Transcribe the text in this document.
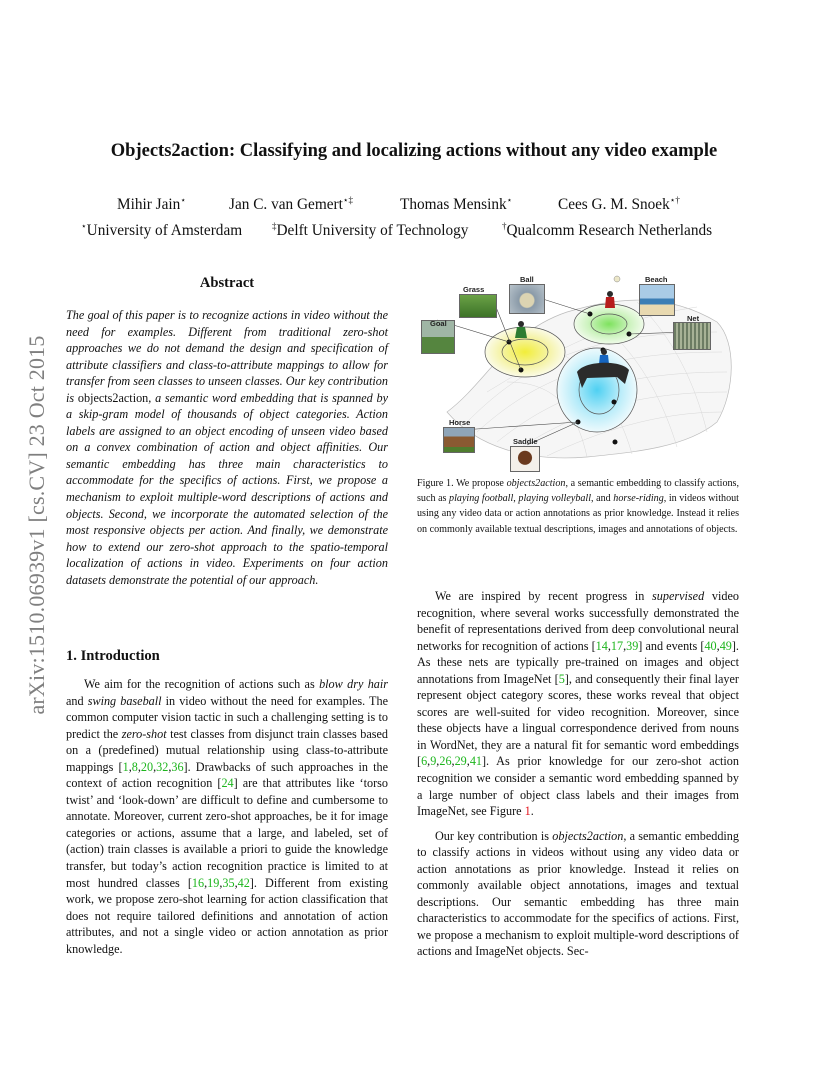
arXiv:1510.06939v1 [cs.CV] 23 Oct 2015
Objects2action: Classifying and localizing actions without any video example
Mihir Jain⋆	Jan C. van Gemert⋆‡	Thomas Mensink⋆	Cees G. M. Snoek⋆†
⋆University of Amsterdam	‡Delft University of Technology	†Qualcomm Research Netherlands
Abstract

The goal of this paper is to recognize actions in video without the need for examples. Different from traditional zero-shot approaches we do not demand the design and specification of attribute classifiers and class-to-attribute mappings to allow for transfer from seen classes to unseen classes. Our key contribution is objects2action, a semantic word embedding that is spanned by a skip-gram model of thousands of object categories. Action labels are assigned to an object encoding of unseen video based on a convex combination of action and object affinities. Our semantic embedding has three main characteristics to accommodate for the specifics of actions. First, we propose a mechanism to exploit multiple-word descriptions of actions and objects. Second, we incorporate the automated selection of the most responsive objects per action. And finally, we demonstrate how to extend our zero-shot approach to the spatio-temporal localization of actions in video. Experiments on four action datasets demonstrate the potential of our approach.

1. Introduction

We aim for the recognition of actions such as blow dry hair and swing baseball in video without the need for examples. The common computer vision tactic in such a challenging setting is to predict the zero-shot test classes from disjunct train classes based on a (predefined) mutual relationship using class-to-attribute mappings [1,8,20,32,36]. Drawbacks of such approaches in the context of action recognition [24] are that attributes like ‘torso twist’ and ‘look-down’ are difficult to define and cumbersome to annotate. Moreover, current zero-shot approaches, be it for image categories or actions, assume that a large, and labeled, set of (action) train classes is available a priori to guide the knowledge transfer, but today’s action recognition practice is limited to at most hundred classes [16,19,35,42]. Different from existing work, we propose zero-shot learning for action classification that does not require tailored definitions and annotation of action attributes, and not a single video or action annotation as prior knowledge.

Grass
Ball	Beach
Goal
Net
Horse
Saddle

Figure 1. We propose objects2action, a semantic embedding to classify actions, such as playing football, playing volleyball, and horse-riding, in videos without using any video data or action annotations as prior knowledge. Instead it relies on commonly available textual descriptions, images and annotations of objects.

We are inspired by recent progress in supervised video recognition, where several works successfully demonstrated the benefit of representations derived from deep convolutional neural networks for recognition of actions [14,17,39] and events [40,49]. As these nets are typically pre-trained on images and object annotations from ImageNet [5], and consequently their final layer represent object category scores, these works reveal that object scores are well-suited for video recognition. Moreover, since these objects have a lingual correspondence derived from nouns in WordNet, they are a natural fit for semantic word embeddings [6,9,26,29,41]. As prior knowledge for our zero-shot action recognition we consider a semantic word embedding spanned by a large number of object class labels and their images from ImageNet, see Figure 1.

Our key contribution is objects2action, a semantic embedding to classify actions in videos without using any video data or action annotations as prior knowledge. Instead it relies on commonly available object annotations, images and textual descriptions. Our semantic embedding has three main characteristics to accommodate for the specifics of actions. First, we propose a mechanism to exploit multiple-word descriptions of actions and ImageNet objects. Sec-
